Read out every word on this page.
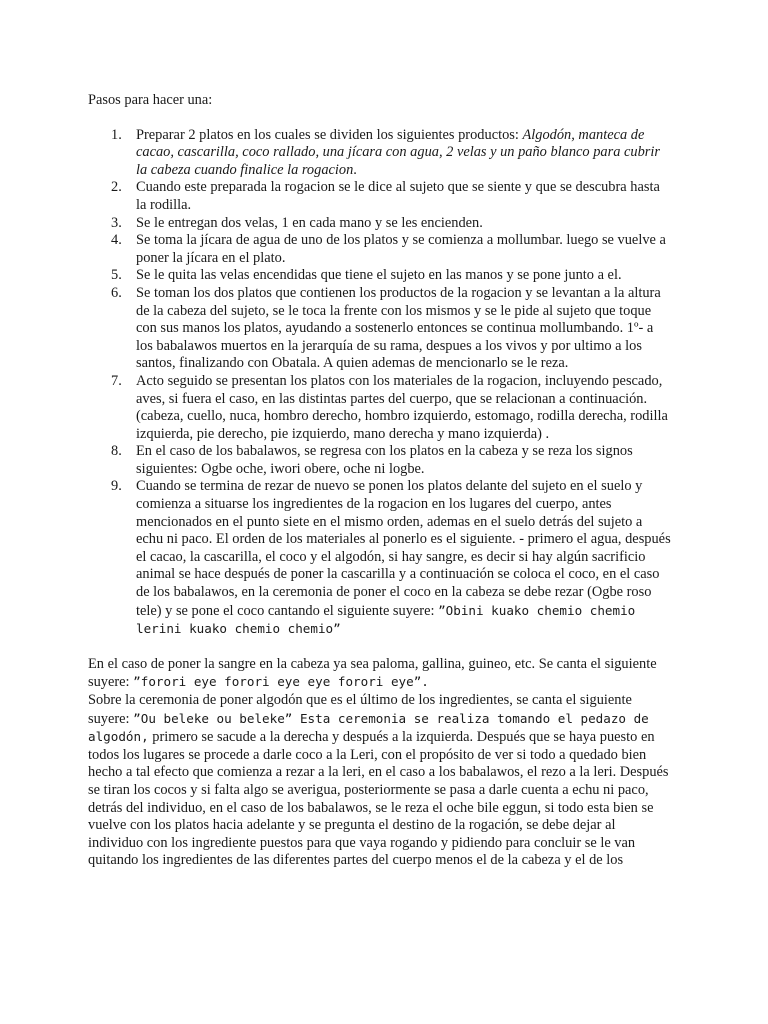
Pasos para hacer una:

1. Preparar 2 platos en los cuales se dividen los siguientes productos: Algodón, manteca de cacao, cascarilla, coco rallado, una jícara con agua, 2 velas y un paño blanco para cubrir la cabeza cuando finalice la rogacion.
2. Cuando este preparada la rogacion se le dice al sujeto que se siente y que se descubra hasta la rodilla.
3. Se le entregan dos velas, 1 en cada mano y se les encienden.
4. Se toma la jícara de agua de uno de los platos y se comienza a mollumbar. luego se vuelve a poner la jícara en el plato.
5. Se le quita las velas encendidas que tiene el sujeto en las manos y se pone junto a el.
6. Se toman los dos platos que contienen los productos de la rogacion y se levantan a la altura de la cabeza del sujeto, se le toca la frente con los mismos y se le pide al sujeto que toque con sus manos los platos, ayudando a sostenerlo entonces se continua mollumbando. 1º- a los babalawos muertos en la jerarquía de su rama, despues a los vivos y por ultimo a los santos, finalizando con Obatala. A quien ademas de mencionarlo se le reza.
7. Acto seguido se presentan los platos con los materiales de la rogacion, incluyendo pescado, aves, si fuera el caso, en las distintas partes del cuerpo, que se relacionan a continuación. (cabeza, cuello, nuca, hombro derecho, hombro izquierdo, estomago, rodilla derecha, rodilla izquierda, pie derecho, pie izquierdo, mano derecha y mano izquierda) .
8. En el caso de los babalawos, se regresa con los platos en la cabeza y se reza los signos siguientes: Ogbe oche, iwori obere, oche ni logbe.
9. Cuando se termina de rezar de nuevo se ponen los platos delante del sujeto en el suelo y comienza a situarse los ingredientes de la rogacion en los lugares del cuerpo, antes mencionados en el punto siete en el mismo orden, ademas en el suelo detrás del sujeto a echu ni paco. El orden de los materiales al ponerlo es el siguiente. - primero el agua, después el cacao, la cascarilla, el coco y el algodón, si hay sangre, es decir si hay algún sacrificio animal se hace después de poner la cascarilla y a continuación se coloca el coco, en el caso de los babalawos, en la ceremonia de poner el coco en la cabeza se debe rezar (Ogbe roso tele) y se pone el coco cantando el siguiente suyere: ”Obini kuako chemio chemio lerini kuako chemio chemio”

En el caso de poner la sangre en la cabeza ya sea paloma, gallina, guineo, etc. Se canta el siguiente suyere: ”forori eye forori eye eye forori eye”.

Sobre la ceremonia de poner algodón que es el último de los ingredientes, se canta el siguiente suyere: ”Ou beleke ou beleke” Esta ceremonia se realiza tomando el pedazo de algodón, primero se sacude a la derecha y después a la izquierda. Después que se haya puesto en todos los lugares se procede a darle coco a la Leri, con el propósito de ver si todo a quedado bien hecho a tal efecto que comienza a rezar a la leri, en el caso a los babalawos, el rezo a la leri. Después se tiran los cocos y si falta algo se averigua, posteriormente se pasa a darle cuenta a echu ni paco, detrás del individuo, en el caso de los babalawos, se le reza el oche bile eggun, si todo esta bien se vuelve con los platos hacia adelante y se pregunta el destino de la rogación, se debe dejar al individuo con los ingrediente puestos para que vaya rogando y pidiendo para concluir se le van quitando los ingredientes de las diferentes partes del cuerpo menos el de la cabeza y el de los
